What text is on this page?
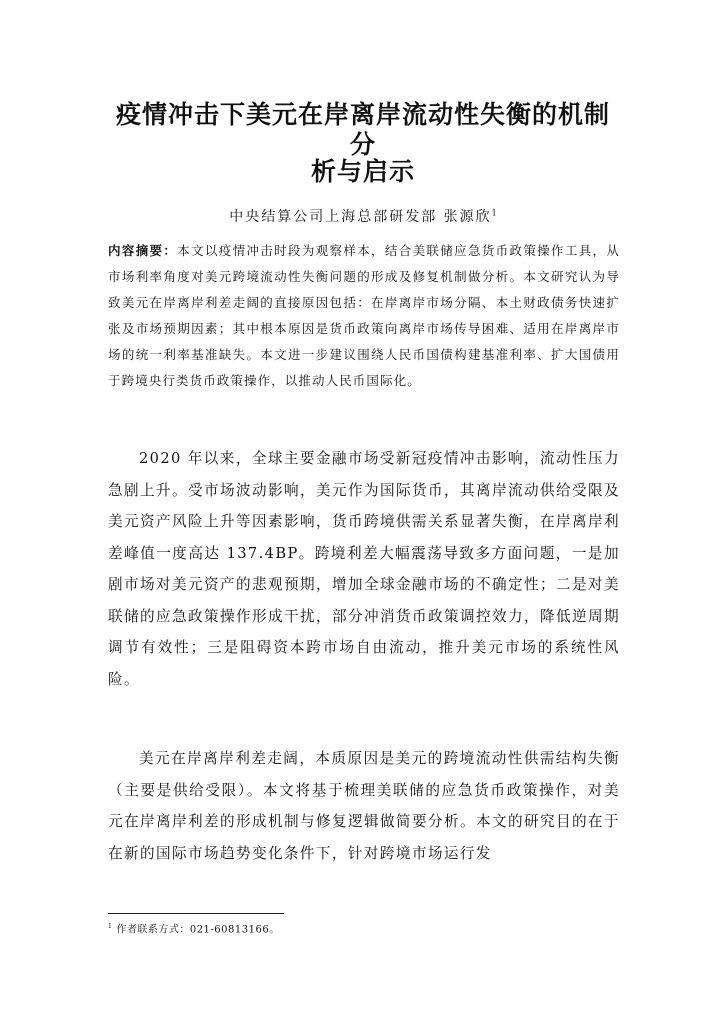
疫情冲击下美元在岸离岸流动性失衡的机制分
析与启示

中央结算公司上海总部研发部 张源欣$^1$

内容摘要：本文以疫情冲击时段为观察样本，结合美联储应急货币政策操作工具，从市场利率角度对美元跨境流动性失衡问题的形成及修复机制做分析。本文研究认为导致美元在岸离岸利差走阔的直接原因包括：在岸离岸市场分隔、本土财政债务快速扩张及市场预期因素；其中根本原因是货币政策向离岸市场传导困难、适用在岸离岸市场的统一利率基准缺失。本文进一步建议围绕人民币国债构建基准利率、扩大国债用于跨境央行类货币政策操作，以推动人民币国际化。

2020 年以来，全球主要金融市场受新冠疫情冲击影响，流动性压力急剧上升。受市场波动影响，美元作为国际货币，其离岸流动供给受限及美元资产风险上升等因素影响，货币跨境供需关系显著失衡，在岸离岸利差峰值一度高达 137.4BP。跨境利差大幅震荡导致多方面问题，一是加剧市场对美元资产的悲观预期，增加全球金融市场的不确定性；二是对美联储的应急政策操作形成干扰，部分冲消货币政策调控效力，降低逆周期调节有效性；三是阻碍资本跨市场自由流动，推升美元市场的系统性风险。

美元在岸离岸利差走阔，本质原因是美元的跨境流动性供需结构失衡（主要是供给受限）。本文将基于梳理美联储的应急货币政策操作，对美元在岸离岸利差的形成机制与修复逻辑做简要分析。本文的研究目的在于在新的国际市场趋势变化条件下，针对跨境市场运行发

$^1$ 作者联系方式：021-60813166。
